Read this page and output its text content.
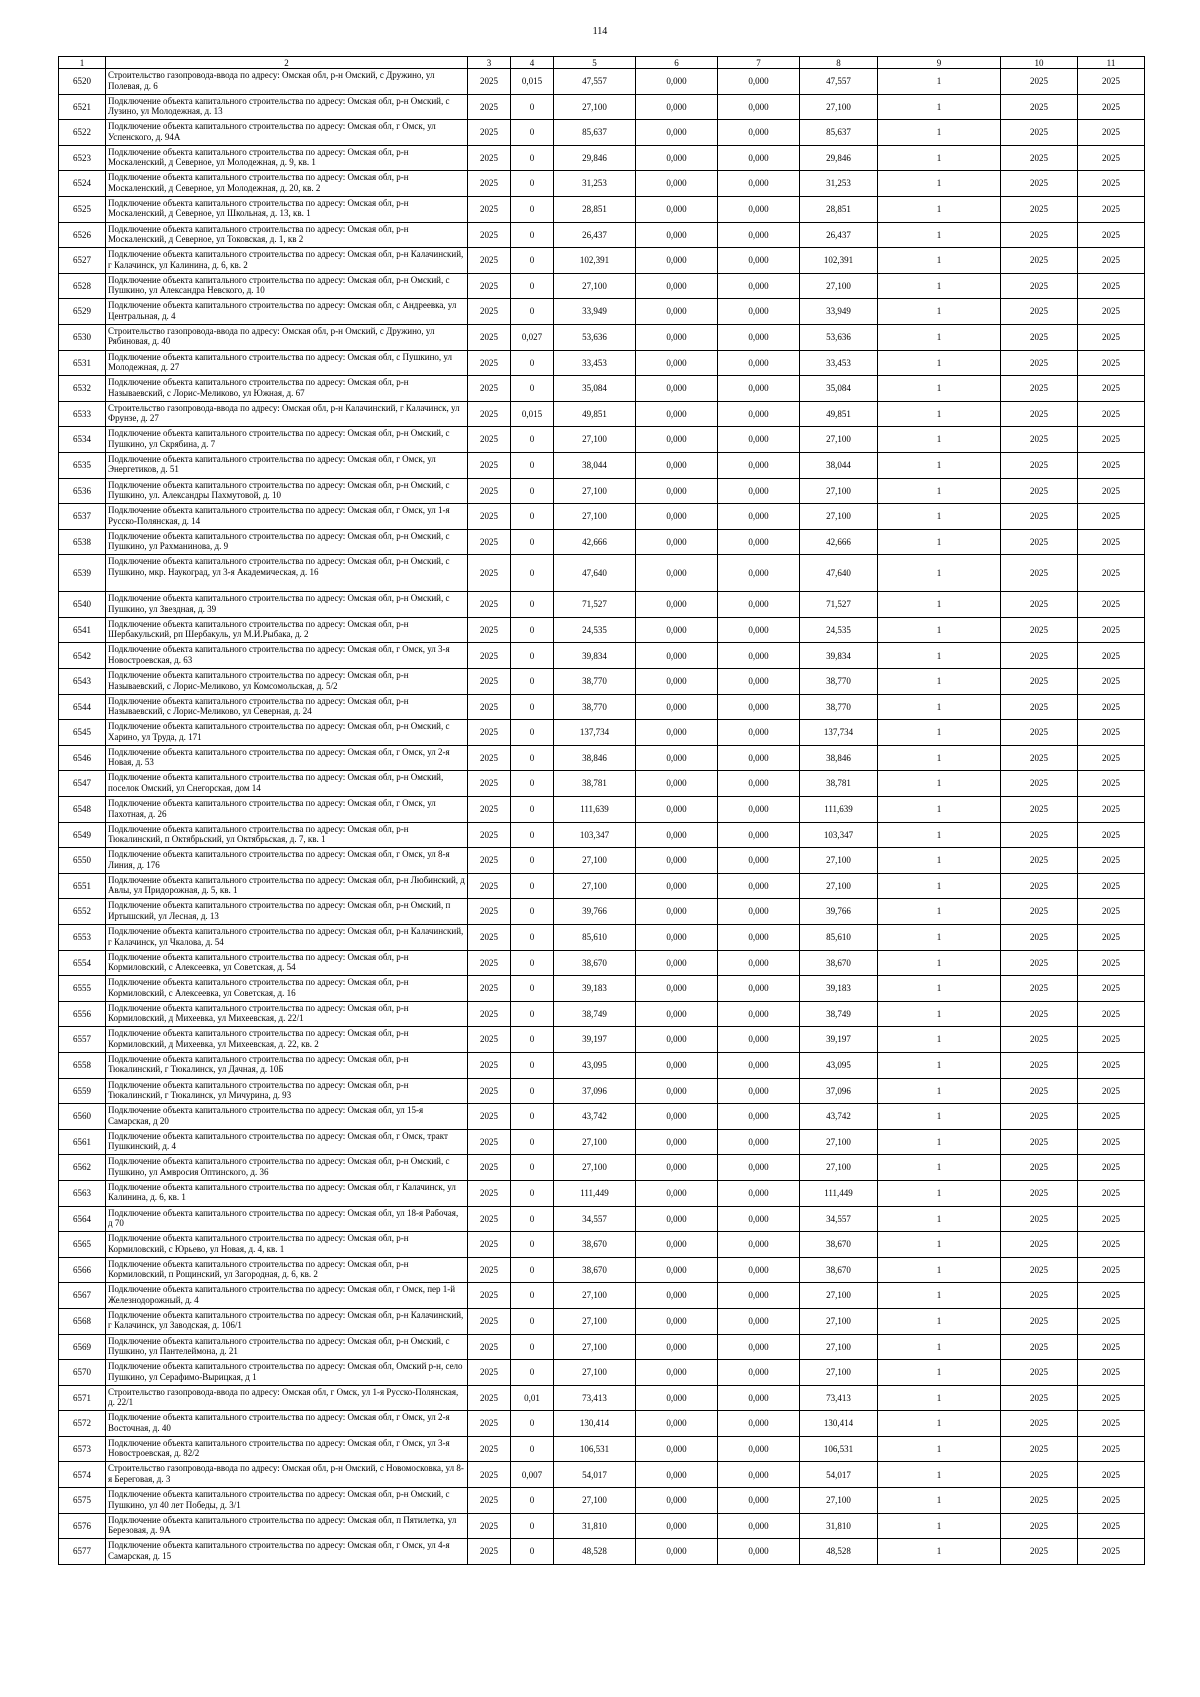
114
1	2	3	4	5	6	7	8	9	10	11
6520	Строительство газопровода-ввода по адресу: Омская обл, р-н Омский, с Дружино, ул Полевая, д. 6	2025	0,015	47,557	0,000	0,000	47,557	1	2025	2025
6521	Подключение объекта капитального строительства по адресу: Омская обл, р-н Омский, с Лузино, ул Молодежная, д. 13	2025	0	27,100	0,000	0,000	27,100	1	2025	2025
6522	Подключение объекта капитального строительства по адресу: Омская обл, г Омск, ул Успенского, д. 94А	2025	0	85,637	0,000	0,000	85,637	1	2025	2025
6523	Подключение объекта капитального строительства по адресу: Омская обл, р-н Москаленский, д Северное, ул Молодежная, д. 9, кв. 1	2025	0	29,846	0,000	0,000	29,846	1	2025	2025
6524	Подключение объекта капитального строительства по адресу: Омская обл, р-н Москаленский, д Северное, ул Молодежная, д. 20, кв. 2	2025	0	31,253	0,000	0,000	31,253	1	2025	2025
6525	Подключение объекта капитального строительства по адресу: Омская обл, р-н Москаленский, д Северное, ул Школьная, д. 13, кв. 1	2025	0	28,851	0,000	0,000	28,851	1	2025	2025
6526	Подключение объекта капитального строительства по адресу: Омская обл, р-н Москаленский, д Северное, ул Токовская, д. 1, кв 2	2025	0	26,437	0,000	0,000	26,437	1	2025	2025
6527	Подключение объекта капитального строительства по адресу: Омская обл, р-н Калачинский, г Калачинск, ул Калинина, д. 6, кв. 2	2025	0	102,391	0,000	0,000	102,391	1	2025	2025
6528	Подключение объекта капитального строительства по адресу: Омская обл, р-н Омский, с Пушкино, ул Александра Невского, д. 10	2025	0	27,100	0,000	0,000	27,100	1	2025	2025
6529	Подключение объекта капитального строительства по адресу: Омская обл, с Андреевка, ул Центральная, д. 4	2025	0	33,949	0,000	0,000	33,949	1	2025	2025
6530	Строительство газопровода-ввода по адресу: Омская обл, р-н Омский, с Дружино, ул Рябиновая, д. 40	2025	0,027	53,636	0,000	0,000	53,636	1	2025	2025
6531	Подключение объекта капитального строительства по адресу: Омская обл, с Пушкино, ул Молодежная, д. 27	2025	0	33,453	0,000	0,000	33,453	1	2025	2025
6532	Подключение объекта капитального строительства по адресу: Омская обл, р-н Называевский, с Лорис-Меликово, ул Южная, д. 67	2025	0	35,084	0,000	0,000	35,084	1	2025	2025
6533	Строительство газопровода-ввода по адресу: Омская обл, р-н Калачинский, г Калачинск, ул Фрунзе, д. 27	2025	0,015	49,851	0,000	0,000	49,851	1	2025	2025
6534	Подключение объекта капитального строительства по адресу: Омская обл, р-н Омский, с Пушкино, ул Скрябина, д. 7	2025	0	27,100	0,000	0,000	27,100	1	2025	2025
6535	Подключение объекта капитального строительства по адресу: Омская обл, г Омск, ул Энергетиков, д. 51	2025	0	38,044	0,000	0,000	38,044	1	2025	2025
6536	Подключение объекта капитального строительства по адресу: Омская обл, р-н Омский, с Пушкино, ул. Александры Пахмутовой, д. 10	2025	0	27,100	0,000	0,000	27,100	1	2025	2025
6537	Подключение объекта капитального строительства по адресу: Омская обл, г Омск, ул 1-я Русско-Полянская, д. 14	2025	0	27,100	0,000	0,000	27,100	1	2025	2025
6538	Подключение объекта капитального строительства по адресу: Омская обл, р-н Омский, с Пушкино, ул Рахманинова, д. 9	2025	0	42,666	0,000	0,000	42,666	1	2025	2025
6539	Подключение объекта капитального строительства по адресу: Омская обл, р-н Омский, с Пушкино, мкр. Наукоград, ул 3-я Академическая, д. 16	2025	0	47,640	0,000	0,000	47,640	1	2025	2025
6540	Подключение объекта капитального строительства по адресу: Омская обл, р-н Омский, с Пушкино, ул Звездная, д. 39	2025	0	71,527	0,000	0,000	71,527	1	2025	2025
6541	Подключение объекта капитального строительства по адресу: Омская обл, р-н Шербакульский, рп Шербакуль, ул М.И.Рыбака, д. 2	2025	0	24,535	0,000	0,000	24,535	1	2025	2025
6542	Подключение объекта капитального строительства по адресу: Омская обл, г Омск, ул 3-я Новостроевская, д. 63	2025	0	39,834	0,000	0,000	39,834	1	2025	2025
6543	Подключение объекта капитального строительства по адресу: Омская обл, р-н Называевский, с Лорис-Меликово, ул Комсомольская, д. 5/2	2025	0	38,770	0,000	0,000	38,770	1	2025	2025
6544	Подключение объекта капитального строительства по адресу: Омская обл, р-н Называевский, с Лорис-Меликово, ул Северная, д. 24	2025	0	38,770	0,000	0,000	38,770	1	2025	2025
6545	Подключение объекта капитального строительства по адресу: Омская обл, р-н Омский, с Харино, ул Труда, д. 171	2025	0	137,734	0,000	0,000	137,734	1	2025	2025
6546	Подключение объекта капитального строительства по адресу: Омская обл, г Омск, ул 2-я Новая, д. 53	2025	0	38,846	0,000	0,000	38,846	1	2025	2025
6547	Подключение объекта капитального строительства по адресу: Омская обл, р-н Омский, поселок Омский, ул Снегорская, дом 14	2025	0	38,781	0,000	0,000	38,781	1	2025	2025
6548	Подключение объекта капитального строительства по адресу: Омская обл, г Омск, ул Пахотная, д. 26	2025	0	111,639	0,000	0,000	111,639	1	2025	2025
6549	Подключение объекта капитального строительства по адресу: Омская обл, р-н Тюкалинский, п Октябрьский, ул Октябрьская, д. 7, кв. 1	2025	0	103,347	0,000	0,000	103,347	1	2025	2025
6550	Подключение объекта капитального строительства по адресу: Омская обл, г Омск, ул 8-я Линия, д. 176	2025	0	27,100	0,000	0,000	27,100	1	2025	2025
6551	Подключение объекта капитального строительства по адресу: Омская обл, р-н Любинский, д Авлы, ул Придорожная, д. 5, кв. 1	2025	0	27,100	0,000	0,000	27,100	1	2025	2025
6552	Подключение объекта капитального строительства по адресу: Омская обл, р-н Омский, п Иртышский, ул Лесная, д. 13	2025	0	39,766	0,000	0,000	39,766	1	2025	2025
6553	Подключение объекта капитального строительства по адресу: Омская обл, р-н Калачинский, г Калачинск, ул Чкалова, д. 54	2025	0	85,610	0,000	0,000	85,610	1	2025	2025
6554	Подключение объекта капитального строительства по адресу: Омская обл, р-н Кормиловский, с Алексеевка, ул Советская, д. 54	2025	0	38,670	0,000	0,000	38,670	1	2025	2025
6555	Подключение объекта капитального строительства по адресу: Омская обл, р-н Кормиловский, с Алексеевка, ул Советская, д. 16	2025	0	39,183	0,000	0,000	39,183	1	2025	2025
6556	Подключение объекта капитального строительства по адресу: Омская обл, р-н Кормиловский, д Михеевка, ул Михеевская, д. 22/1	2025	0	38,749	0,000	0,000	38,749	1	2025	2025
6557	Подключение объекта капитального строительства по адресу: Омская обл, р-н Кормиловский, д Михеевка, ул Михеевская, д. 22, кв. 2	2025	0	39,197	0,000	0,000	39,197	1	2025	2025
6558	Подключение объекта капитального строительства по адресу: Омская обл, р-н Тюкалинский, г Тюкалинск, ул Дачная, д. 10Б	2025	0	43,095	0,000	0,000	43,095	1	2025	2025
6559	Подключение объекта капитального строительства по адресу: Омская обл, р-н Тюкалинский, г Тюкалинск, ул Мичурина, д. 93	2025	0	37,096	0,000	0,000	37,096	1	2025	2025
6560	Подключение объекта капитального строительства по адресу: Омская обл, ул 15-я Самарская, д 20	2025	0	43,742	0,000	0,000	43,742	1	2025	2025
6561	Подключение объекта капитального строительства по адресу: Омская обл, г Омск, тракт Пушкинский, д. 4	2025	0	27,100	0,000	0,000	27,100	1	2025	2025
6562	Подключение объекта капитального строительства по адресу: Омская обл, р-н Омский, с Пушкино, ул Амвросия Оптинского, д. 36	2025	0	27,100	0,000	0,000	27,100	1	2025	2025
6563	Подключение объекта капитального строительства по адресу: Омская обл, г Калачинск, ул Калинина, д. 6, кв. 1	2025	0	111,449	0,000	0,000	111,449	1	2025	2025
6564	Подключение объекта капитального строительства по адресу: Омская обл, ул 18-я Рабочая, д 70	2025	0	34,557	0,000	0,000	34,557	1	2025	2025
6565	Подключение объекта капитального строительства по адресу: Омская обл, р-н Кормиловский, с Юрьево, ул Новая, д. 4, кв. 1	2025	0	38,670	0,000	0,000	38,670	1	2025	2025
6566	Подключение объекта капитального строительства по адресу: Омская обл, р-н Кормиловский, п Рощинский, ул Загородная, д. 6, кв. 2	2025	0	38,670	0,000	0,000	38,670	1	2025	2025
6567	Подключение объекта капитального строительства по адресу: Омская обл, г Омск, пер 1-й Железнодорожный, д. 4	2025	0	27,100	0,000	0,000	27,100	1	2025	2025
6568	Подключение объекта капитального строительства по адресу: Омская обл, р-н Калачинский, г Калачинск, ул Заводская, д. 106/1	2025	0	27,100	0,000	0,000	27,100	1	2025	2025
6569	Подключение объекта капитального строительства по адресу: Омская обл, р-н Омский, с Пушкино, ул Пантелеймона, д. 21	2025	0	27,100	0,000	0,000	27,100	1	2025	2025
6570	Подключение объекта капитального строительства по адресу: Омская обл, Омский р-н, село Пушкино, ул Серафимо-Вырицкая, д 1	2025	0	27,100	0,000	0,000	27,100	1	2025	2025
6571	Строительство газопровода-ввода по адресу: Омская обл, г Омск, ул 1-я Русско-Полянская, д. 22/1	2025	0,01	73,413	0,000	0,000	73,413	1	2025	2025
6572	Подключение объекта капитального строительства по адресу: Омская обл, г Омск, ул 2-я Восточная, д. 40	2025	0	130,414	0,000	0,000	130,414	1	2025	2025
6573	Подключение объекта капитального строительства по адресу: Омская обл, г Омск, ул 3-я Новостроевская, д. 82/2	2025	0	106,531	0,000	0,000	106,531	1	2025	2025
6574	Строительство газопровода-ввода по адресу: Омская обл, р-н Омский, с Новомосковка, ул 8-я Береговая, д. 3	2025	0,007	54,017	0,000	0,000	54,017	1	2025	2025
6575	Подключение объекта капитального строительства по адресу: Омская обл, р-н Омский, с Пушкино, ул 40 лет Победы, д. 3/1	2025	0	27,100	0,000	0,000	27,100	1	2025	2025
6576	Подключение объекта капитального строительства по адресу: Омская обл, п Пятилетка, ул Березовая, д. 9А	2025	0	31,810	0,000	0,000	31,810	1	2025	2025
6577	Подключение объекта капитального строительства по адресу: Омская обл, г Омск, ул 4-я Самарская, д. 15	2025	0	48,528	0,000	0,000	48,528	1	2025	2025
